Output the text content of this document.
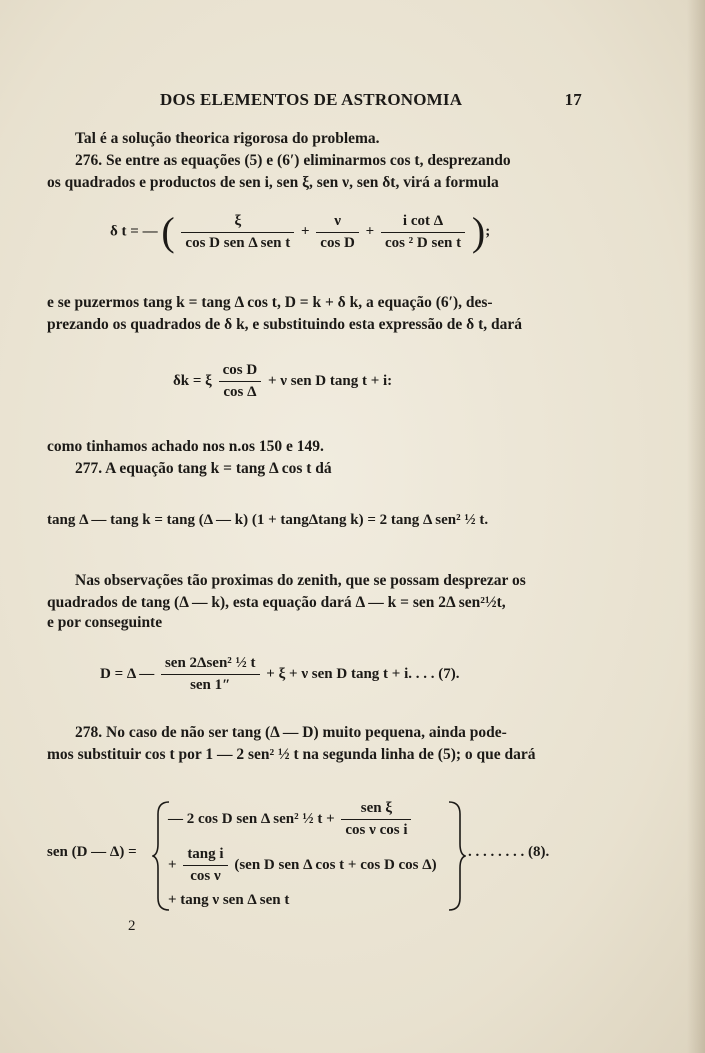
DOS ELEMENTOS DE ASTRONOMIA	17
Tal é a solução theorica rigorosa do problema.
276. Se entre as equações (5) e (6′) eliminarmos cos t, desprezando
os quadrados e productos de sen i, sen ξ, sen ν, sen δt, virá a formula
δ t = — ( $\frac{\xi}{\text{cos D sen Δ sen t}} + \frac{\nu}{\text{cos D}} + \frac{\text{i cot Δ}}{\text{cos ² D sen t}}$ );
e se puzermos tang k = tang Δ cos t, D = k + δ k, a equação (6′), des-
prezando os quadrados de δ k, e substituindo esta expressão de δ t, dará
δk = ξ $\frac{\text{cos D}}{\text{cos Δ}} + \nu$ sen D tang t + i:
como tinhamos achado nos n.os 150 e 149.
277. A equação tang k = tang Δ cos t dá
tang Δ — tang k = tang (Δ — k) (1 + tangΔtang k) = 2 tang Δ sen² ½ t.
Nas observações tão proximas do zenith, que se possam desprezar os
quadrados de tang (Δ — k), esta equação dará Δ — k = sen 2Δ sen²½t,
e por conseguinte
D = Δ — $\frac{\text{sen 2Δsen² ½ t}}{\text{sen 1″}} + \xi + \nu$ sen D tang t + i. . . . (7).
278. No caso de não ser tang (Δ — D) muito pequena, ainda pode-
mos substituir cos t por 1 — 2 sen² ½ t na segunda linha de (5); o que dará
sen (D — Δ) =
— 2 cos D sen Δ sen² ½ $t + \frac{\text{sen ξ}}{\text{cos ν cos i}}$
+ $\frac{\text{tang i}}{\text{cos ν}} (sen$ D sen Δ cos t + cos D cos Δ)
+ tang ν sen Δ sen t
. . . . . . . . (8).
2
